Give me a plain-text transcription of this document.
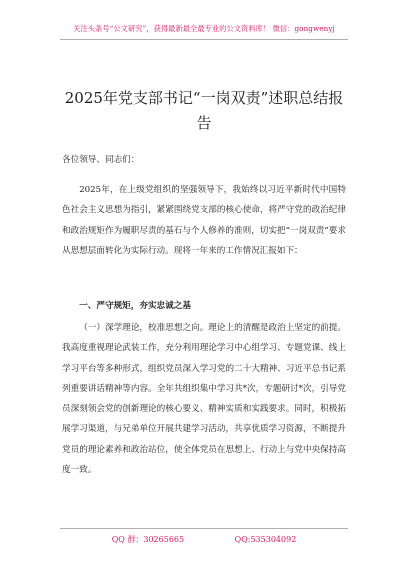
关注头条号“公文研究”，获得最新最全最专业的公文资料库！ 微信：gongwenyj
2025年党支部书记“一岗双责”述职总结报告

各位领导、同志们：

2025年，在上级党组织的坚强领导下，我始终以习近平新时代中国特色社会主义思想为指引，紧紧围绕党支部的核心使命，将严守党的政治纪律和政治规矩作为履职尽责的基石与个人修养的准则，切实把“一岗双责”要求从思想层面转化为实际行动。现将一年来的工作情况汇报如下：

一、严守规矩，夯实忠诚之基

（一）深学理论，校准思想之向。理论上的清醒是政治上坚定的前提。我高度重视理论武装工作，充分利用理论学习中心组学习、专题党课、线上学习平台等多种形式，组织党员深入学习党的二十大精神、习近平总书记系列重要讲话精神等内容。全年共组织集中学习共*次，专题研讨*次，引导党员深刻领会党的创新理论的核心要义、精神实质和实践要求。同时，积极拓展学习渠道，与兄弟单位开展共建学习活动，共享优质学习资源，不断提升党员的理论素养和政治站位，使全体党员在思想上、行动上与党中央保持高度一致。

QQ 群：30265665	QQ:535304092
